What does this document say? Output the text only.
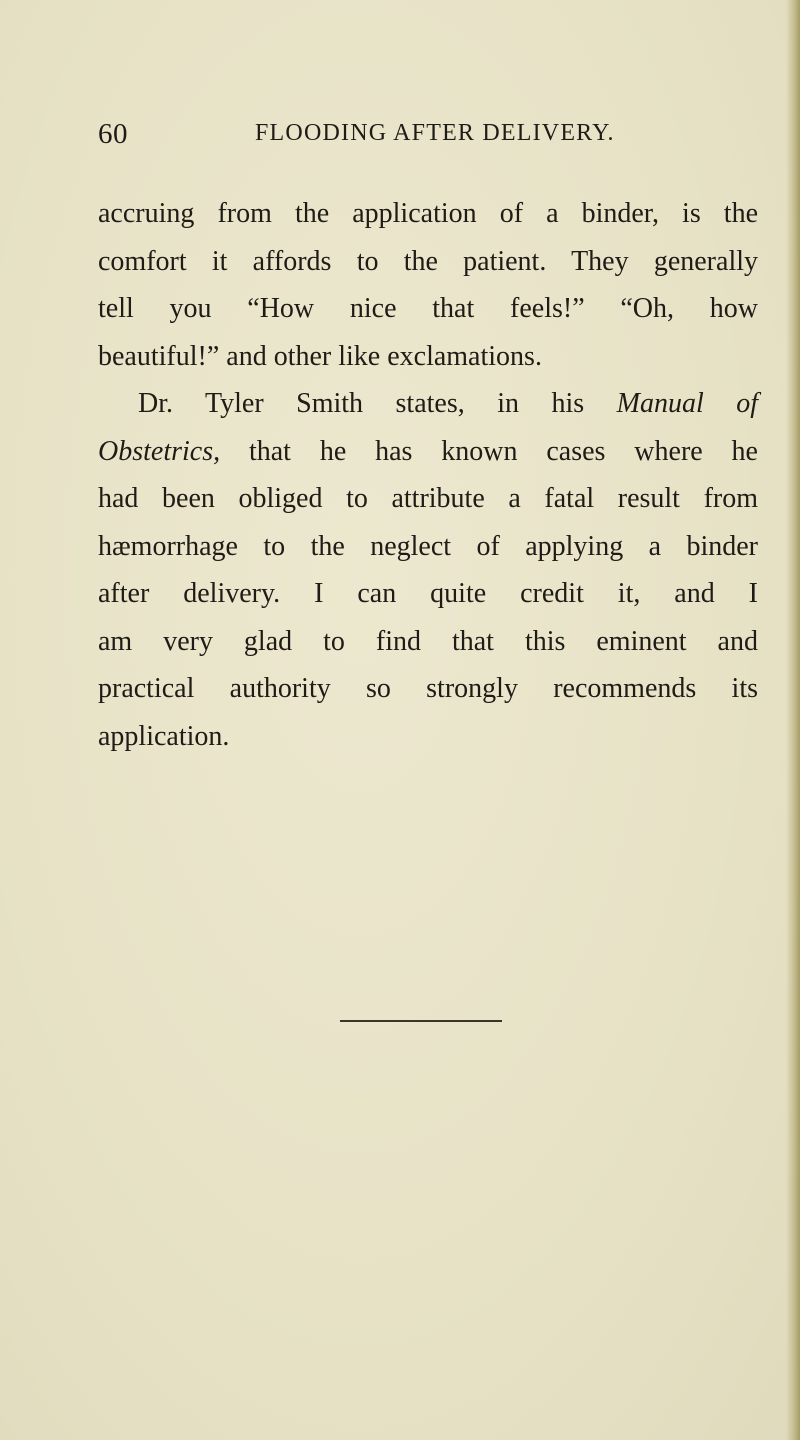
60	FLOODING AFTER DELIVERY.
accruing from the application of a binder, is the
comfort it affords to the patient. They generally
tell you “How nice that feels!” “Oh, how
beautiful!” and other like exclamations.
Dr. Tyler Smith states, in his Manual of
Obstetrics, that he has known cases where he
had been obliged to attribute a fatal result from
hæmorrhage to the neglect of applying a binder
after delivery. I can quite credit it, and I
am very glad to find that this eminent and
practical authority so strongly recommends its
application.
